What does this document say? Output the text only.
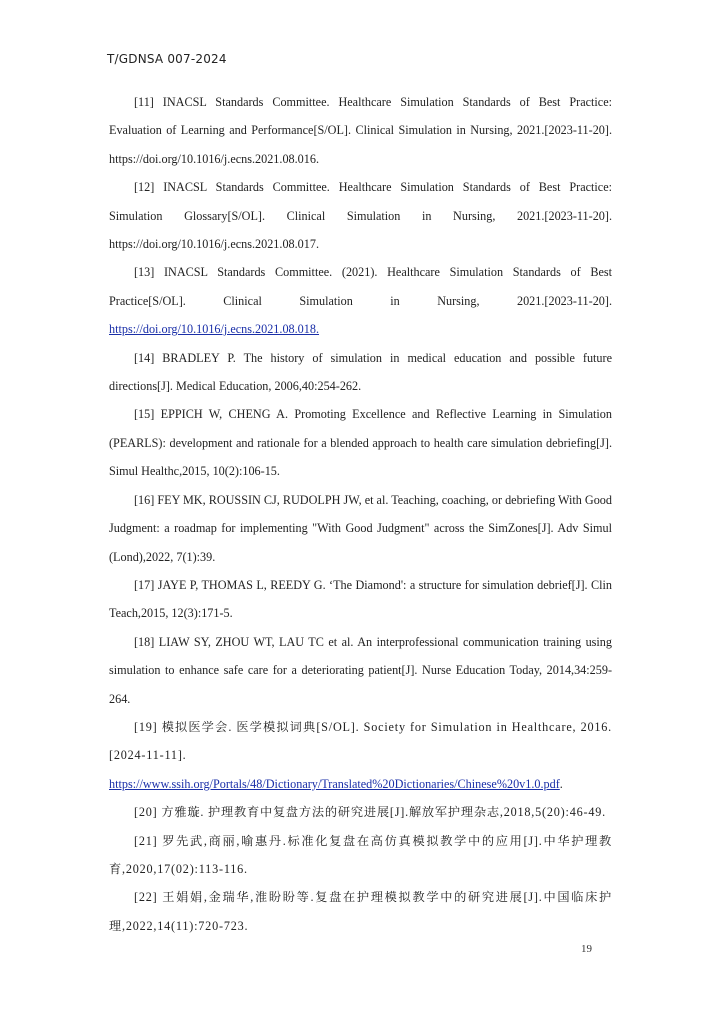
T/GDNSA 007-2024

[11] INACSL Standards Committee. Healthcare Simulation Standards of Best Practice: Evaluation of Learning and Performance[S/OL]. Clinical Simulation in Nursing, 2021.[2023-11-20]. https://doi.org/10.1016/j.ecns.2021.08.016.

[12] INACSL Standards Committee. Healthcare Simulation Standards of Best Practice: Simulation Glossary[S/OL]. Clinical Simulation in Nursing, 2021.[2023-11-20]. https://doi.org/10.1016/j.ecns.2021.08.017.

[13] INACSL Standards Committee. (2021). Healthcare Simulation Standards of Best Practice[S/OL]. Clinical Simulation in Nursing, 2021.[2023-11-20]. https://doi.org/10.1016/j.ecns.2021.08.018.

[14] BRADLEY P. The history of simulation in medical education and possible future directions[J]. Medical Education, 2006,40:254-262.

[15] EPPICH W, CHENG A. Promoting Excellence and Reflective Learning in Simulation (PEARLS): development and rationale for a blended approach to health care simulation debriefing[J]. Simul Healthc,2015, 10(2):106-15.

[16] FEY MK, ROUSSIN CJ, RUDOLPH JW, et al. Teaching, coaching, or debriefing With Good Judgment: a roadmap for implementing "With Good Judgment" across the SimZones[J]. Adv Simul (Lond),2022, 7(1):39.

[17] JAYE P, THOMAS L, REEDY G. ‘The Diamond': a structure for simulation debrief[J]. Clin Teach,2015, 12(3):171-5.

[18] LIAW SY, ZHOU WT, LAU TC et al. An interprofessional communication training using simulation to enhance safe care for a deteriorating patient[J]. Nurse Education Today, 2014,34:259-264.

[19] 模拟医学会. 医学模拟词典[S/OL]. Society for Simulation in Healthcare, 2016. [2024-11-11]. https://www.ssih.org/Portals/48/Dictionary/Translated%20Dictionaries/Chinese%20v1.0.pdf.

[20] 方雅璇. 护理教育中复盘方法的研究进展[J].解放军护理杂志,2018,5(20):46-49.

[21] 罗先武,商丽,喻惠丹.标准化复盘在高仿真模拟教学中的应用[J].中华护理教育,2020,17(02):113-116.

[22] 王娟娟,金瑞华,淮盼盼等.复盘在护理模拟教学中的研究进展[J].中国临床护理,2022,14(11):720-723.

19
